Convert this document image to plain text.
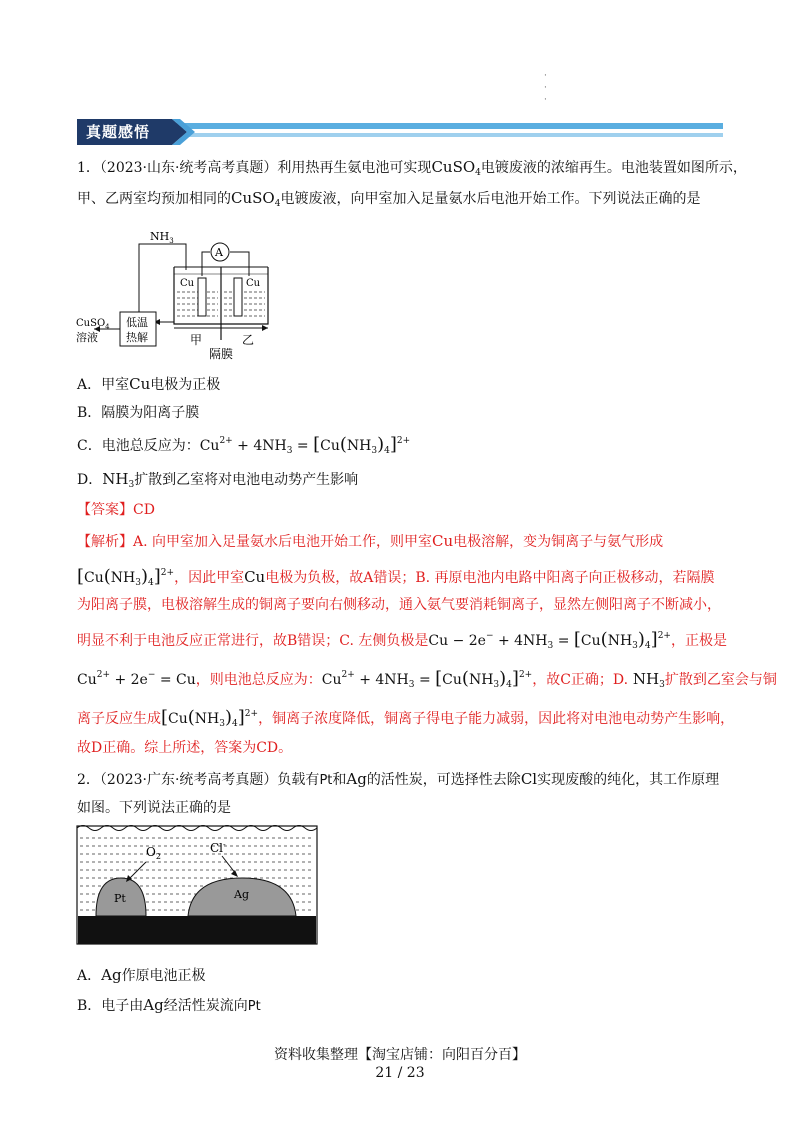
·
·
·
真题感悟
1．（2023·山东·统考高考真题）利用热再生氨电池可实现CuSO$_4$电镀废液的浓缩再生。电池装置如图所示，
甲、乙两室均预加相同的CuSO$_4$电镀废液，向甲室加入足量氨水后电池开始工作。下列说法正确的是
$NH_3$
A
Cu	Cu
低温
热解
CuSO$_4$
溶液	甲	乙
隔膜
A．甲室Cu电极为正极
B．隔膜为阳离子膜
C．电池总反应为：$Cu^{2+} + 4NH_3 = [Cu(NH_3)_4]^{2+}$
D．$NH_3$扩散到乙室将对电池电动势产生影响
【答案】CD
【解析】A. 向甲室加入足量氨水后电池开始工作，则甲室Cu电极溶解，变为铜离子与氨气形成
$[Cu(NH_3)_4]^{2+}$，因此甲室Cu电极为负极，故A错误；B. 再原电池内电路中阳离子向正极移动，若隔膜
为阳离子膜，电极溶解生成的铜离子要向右侧移动，通入氨气要消耗铜离子，显然左侧阳离子不断减小，
明显不利于电池反应正常进行，故B错误；C. 左侧负极是$Cu - 2e^- + 4NH_3 = [Cu(NH_3)_4]^{2+}$，正极是
$Cu^{2+} + 2e^- = Cu$，则电池总反应为：$Cu^{2+} + 4NH_3 = [Cu(NH_3)_4]^{2+}$，故C正确；D. $NH_3$扩散到乙室会与铜
离子反应生成$[Cu(NH_3)_4]^{2+}$，铜离子浓度降低，铜离子得电子能力减弱，因此将对电池电动势产生影响，
故D正确。综上所述，答案为CD。
2．（2023·广东·统考高考真题）负载有Pt和Ag的活性炭，可选择性去除Cl实现废酸的纯化，其工作原理
如图。下列说法正确的是
Pt	Ag
$O_2$
Cl-
A．Ag作原电池正极
B．电子由Ag经活性炭流向Pt
资料收集整理【淘宝店铺：向阳百分百】
21 / 23
